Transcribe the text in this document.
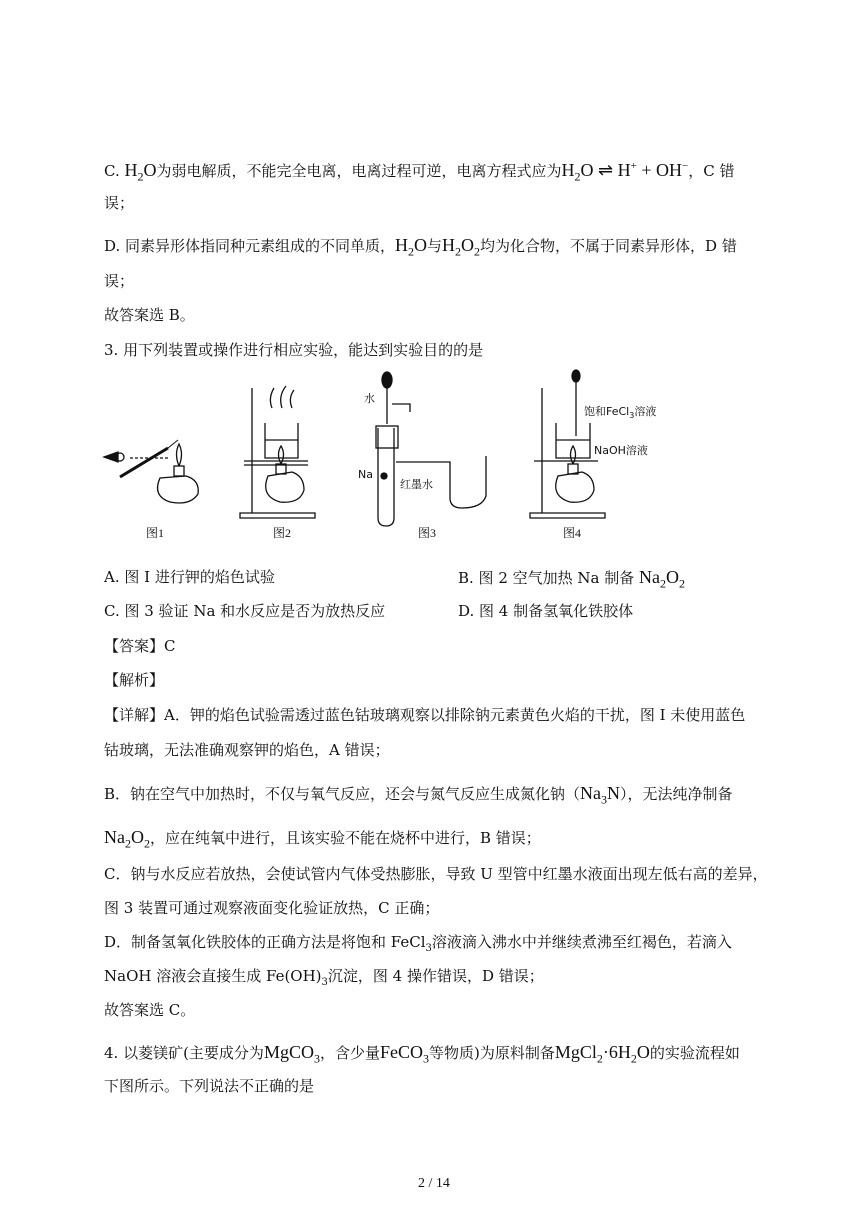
C. $H_2O$为弱电解质，不能完全电离，电离过程可逆，电离方程式应为$H_2O$ ⇌ H+ + OH−，C 错
误；
D. 同素异形体指同种元素组成的不同单质，$H_2O$与$H_2O_2$均为化合物，不属于同素异形体，D 错
误；
故答案选 B。
3. 用下列装置或操作进行相应实验，能达到实验目的的是
图1	图2	图3	图4
水
Na
红墨水
饱和FeCl$_3$溶液
NaOH溶液
A. 图 I 进行钾的焰色试验	B. 图 2 空气加热 Na 制备 $Na_2O_2$
C. 图 3 验证 Na 和水反应是否为放热反应	D. 图 4 制备氢氧化铁胶体
【答案】C
【解析】
【详解】A．钾的焰色试验需透过蓝色钴玻璃观察以排除钠元素黄色火焰的干扰，图 I 未使用蓝色
钴玻璃，无法准确观察钾的焰色，A 错误；
B．钠在空气中加热时，不仅与氧气反应，还会与氮气反应生成氮化钠$(Na_3N)$，无法纯净制备
$Na_2O_2$，应在纯氧中进行，且该实验不能在烧杯中进行，B 错误；
C．钠与水反应若放热，会使试管内气体受热膨胀，导致 U 型管中红墨水液面出现左低右高的差异，
图 3 装置可通过观察液面变化验证放热，C 正确；
D．制备氢氧化铁胶体的正确方法是将饱和 FeCl$_3$溶液滴入沸水中并继续煮沸至红褐色，若滴入
NaOH 溶液会直接生成 $Fe(OH)_3$沉淀，图 4 操作错误，D 错误；
故答案选 C。
4. 以菱镁矿(主要成分为MgCO$_3$，含少量FeCO$_3$等物质)为原料制备$MgCl_2\cdot 6H_2O$的实验流程如
下图所示。下列说法不正确的是
2 / 14
